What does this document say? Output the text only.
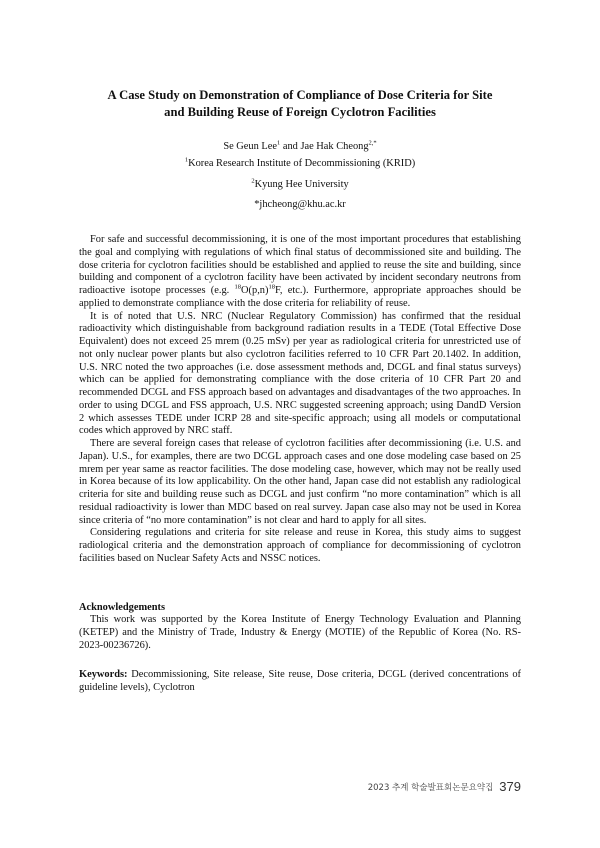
A Case Study on Demonstration of Compliance of Dose Criteria for Site
and Building Reuse of Foreign Cyclotron Facilities
Se Geun Lee$^1$ and Jae Hak Cheong$^{2,*}$
$^1$Korea Research Institute of Decommissioning (KRID)
$^2$Kyung Hee University
*jhcheong@khu.ac.kr

For safe and successful decommissioning, it is one of the most important procedures that establishing the goal and complying with regulations of which final status of decommissioned site and building. The dose criteria for cyclotron facilities should be established and applied to reuse the site and building, since building and component of a cyclotron facility have been activated by incident secondary neutrons from radioactive isotope processes (e.g. $^{18}O(p,n)^{18}F$, etc.). Furthermore, appropriate approaches should be applied to demonstrate compliance with the dose criteria for reliability of reuse.

It is of noted that U.S. NRC (Nuclear Regulatory Commission) has confirmed that the residual radioactivity which distinguishable from background radiation results in a TEDE (Total Effective Dose Equivalent) does not exceed 25 mrem (0.25 mSv) per year as radiological criteria for unrestricted use of not only nuclear power plants but also cyclotron facilities referred to 10 CFR Part 20.1402. In addition, U.S. NRC noted the two approaches (i.e. dose assessment methods and, DCGL and final status surveys) which can be applied for demonstrating compliance with the dose criteria of 10 CFR Part 20 and recommended DCGL and FSS approach based on advantages and disadvantages of the two approaches. In order to using DCGL and FSS approach, U.S. NRC suggested screening approach; using DandD Version 2 which assesses TEDE under ICRP 28 and site-specific approach; using all models or computational codes which approved by NRC staff.

There are several foreign cases that release of cyclotron facilities after decommissioning (i.e. U.S. and Japan). U.S., for examples, there are two DCGL approach cases and one dose modeling case based on 25 mrem per year same as reactor facilities. The dose modeling case, however, which may not be really used in Korea because of its low applicability. On the other hand, Japan case did not establish any radiological criteria for site and building reuse such as DCGL and just confirm “no more contamination” which is all residual radioactivity is lower than MDC based on real survey. Japan case also may not be used in Korea since criteria of “no more contamination” is not clear and hard to apply for all sites.

Considering regulations and criteria for site release and reuse in Korea, this study aims to suggest radiological criteria and the demonstration approach of compliance for decommissioning of cyclotron facilities based on Nuclear Safety Acts and NSSC notices.

Acknowledgements

This work was supported by the Korea Institute of Energy Technology Evaluation and Planning (KETEP) and the Ministry of Trade, Industry & Energy (MOTIE) of the Republic of Korea (No. RS-2023-00236726).

Keywords: Decommissioning, Site release, Site reuse, Dose criteria, DCGL (derived concentrations of guideline levels), Cyclotron
2023 추계 학술발표회논문요약집 379
